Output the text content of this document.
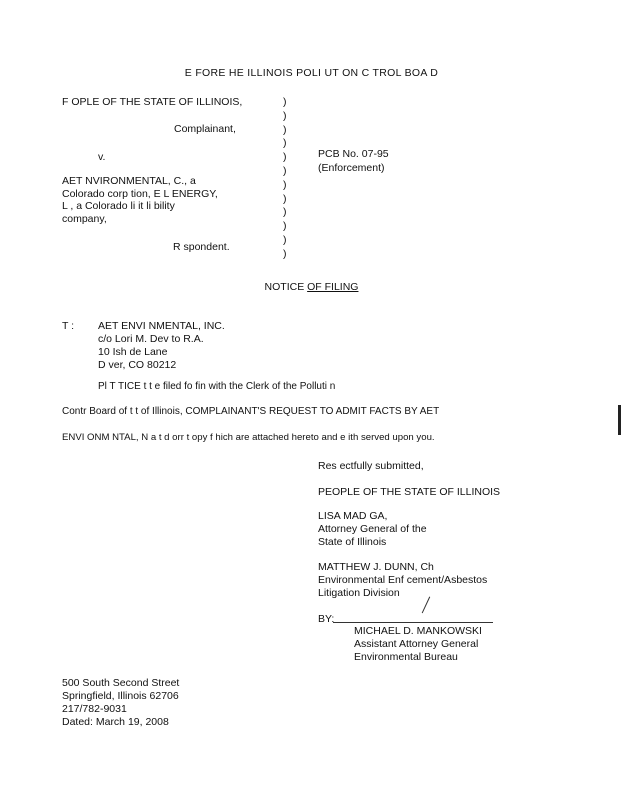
E FORE HE ILLINOIS POLI UT ON C TROL BOA D
F OPLE OF THE STATE OF ILLINOIS,
Complainant,
v.
AET NVIRONMENTAL, C., a
Colorado corp tion, E L ENERGY,
L , a Colorado li it li bility
company,
R spondent.
)
)
)
)
)
)
)
)
)
)
)
)
PCB No. 07-95
(Enforcement)
NOTICE OF FILING
T : AET ENVI NMENTAL, INC.
c/o Lori M. Dev to R.A.
10 Ish de Lane
D ver, CO 80212
Pl T TICE t t e filed fo fin with the Clerk of the Polluti n
Contr Board of t t of Illinois, COMPLAINANT'S REQUEST TO ADMIT FACTS BY AET
ENVI ONM NTAL, N a t d orr t opy f hich are attached hereto and e ith served upon you.
Res ectfully submitted,
PEOPLE OF THE STATE OF ILLINOIS
LISA MAD GA,
Attorney General of the
State of Illinois
MATTHEW J. DUNN, Ch
Environmental Enf cement/Asbestos
Litigation Division
BY:
MICHAEL D. MANKOWSKI
Assistant Attorney General
Environmental Bureau
500 South Second Street
Springfield, Illinois 62706
217/782-9031
Dated: March 19, 2008
